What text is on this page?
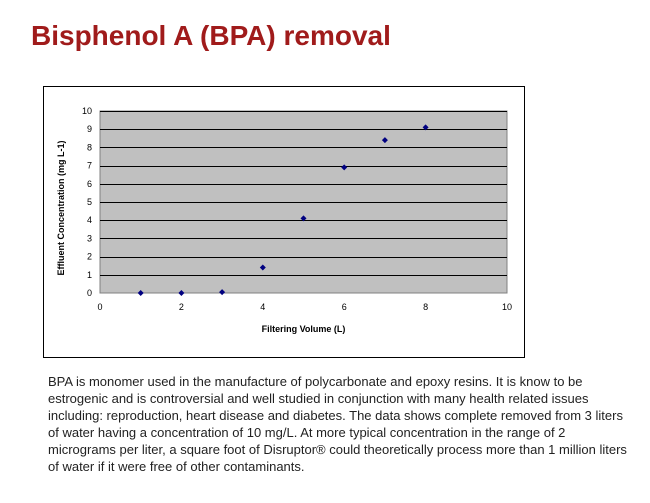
Bisphenol A (BPA) removal
0	2	4	6	8	10
0
1
2
3
4
5
6
7
8
9
10
Filtering Volume (L)
Effluent Concentration (mg L-1)

BPA is monomer used in the manufacture of polycarbonate and epoxy resins. It is know to be estrogenic and is controversial and well studied in conjunction with many health related issues including: reproduction, heart disease and diabetes. The data shows complete removed from 3 liters of water having a concentration of 10 mg/L. At more typical concentration in the range of 2 micrograms per liter, a square foot of Disruptor® could theoretically process more than 1 million liters of water if it were free of other contaminants.
